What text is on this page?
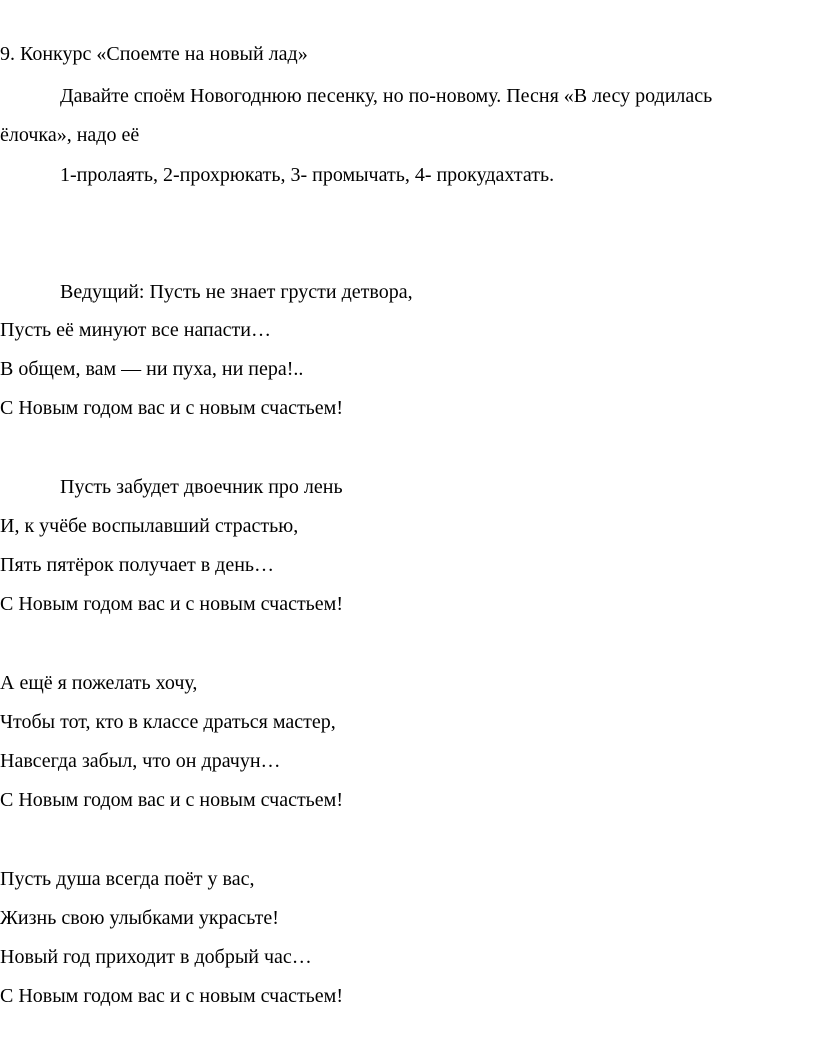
9. Конкурс «Споемте на новый лад»
Давайте споём Новогоднюю песенку, но по-новому. Песня «В лесу родилась
ёлочка», надо её
1-пролаять, 2-прохрюкать, 3- промычать, 4- прокудахтать.
Ведущий: Пусть не знает грусти детвора,
Пусть её минуют все напасти…
В общем, вам — ни пуха, ни пера!..
С Новым годом вас и с новым счастьем!
Пусть забудет двоечник про лень
И, к учёбе воспылавший страстью,
Пять пятёрок получает в день…
С Новым годом вас и с новым счастьем!
А ещё я пожелать хочу,
Чтобы тот, кто в классе драться мастер,
Навсегда забыл, что он драчун…
С Новым годом вас и с новым счастьем!
Пусть душа всегда поёт у вас,
Жизнь свою улыбками украсьте!
Новый год приходит в добрый час…
С Новым годом вас и с новым счастьем!
